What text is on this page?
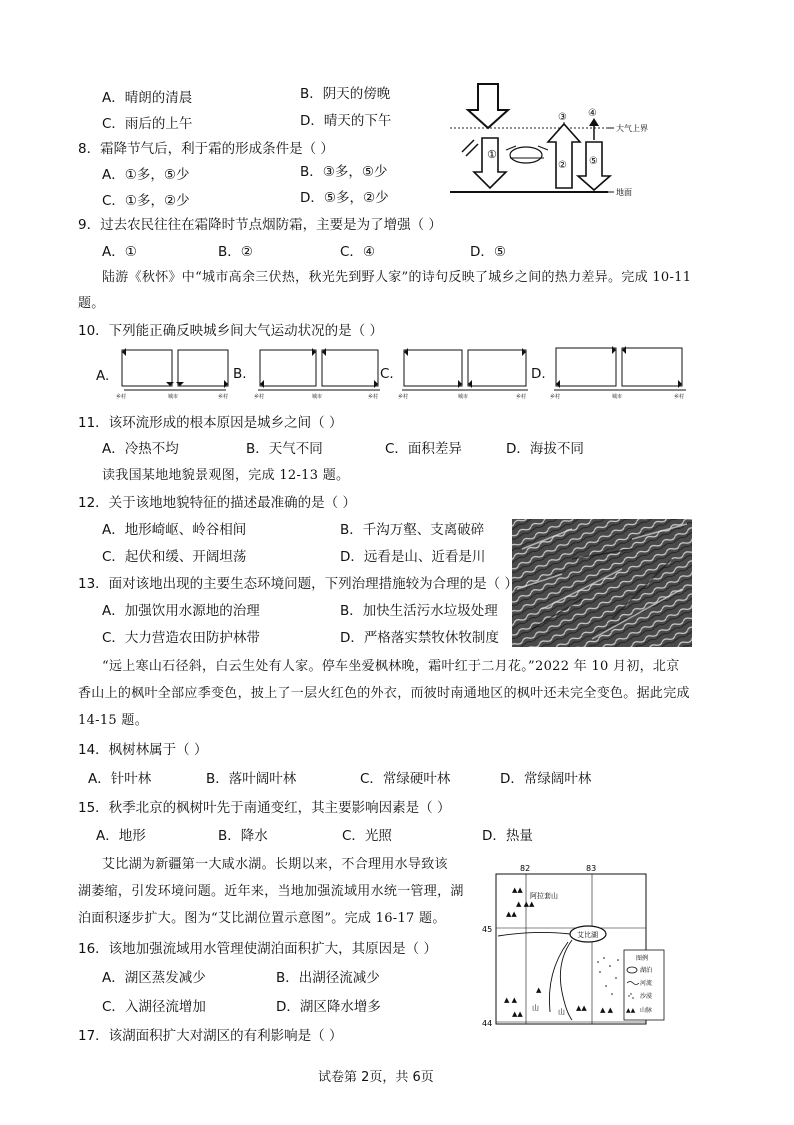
A．晴朗的清晨	B．阴天的傍晚
C．雨后的上午	D．晴天的下午
8．霜降节气后，利于霜的形成条件是（ ）
A．①多，⑤少	B．③多，⑤少
C．①多，②少	D．⑤多，②少
①
②
③ ④
⑤
大气上界
地面
9．过去农民往往在霜降时节点烟防霜，主要是为了增强（ ）
A．①	B．②	C．④	D．⑤
陆游《秋怀》中“城市高余三伏热，秋光先到野人家”的诗句反映了城乡之间的热力差异。完成 10-11
题。
10．下列能正确反映城乡间大气运动状况的是（ ）
A.	B.	C.	D.
乡村	城市	乡村	乡村	城市	乡村	乡村	城市	乡村	乡村	城市	乡村
11．该环流形成的根本原因是城乡之间（ ）
A．冷热不均	B．天气不同	C．面积差异	D．海拔不同
读我国某地地貌景观图，完成 12-13 题。
12．关于该地地貌特征的描述最准确的是（ ）
A．地形崎岖、岭谷相间	B．千沟万壑、支离破碎
C．起伏和缓、开阔坦荡	D．远看是山、近看是川
13．面对该地出现的主要生态环境问题，下列治理措施较为合理的是（ ）
A．加强饮用水源地的治理	B．加快生活污水垃圾处理
C．大力营造农田防护林带	D．严格落实禁牧休牧制度
“远上寒山石径斜，白云生处有人家。停车坐爱枫林晚，霜叶红于二月花。”2022 年 10 月初，北京
香山上的枫叶全部应季变色，披上了一层火红色的外衣，而彼时南通地区的枫叶还未完全变色。据此完成
14-15 题。
14．枫树林属于（ ）
A．针叶林	B．落叶阔叶林	C．常绿硬叶林	D．常绿阔叶林
15．秋季北京的枫树叶先于南通变红，其主要影响因素是（ ）
A．地形	B．降水	C．光照	D．热量
艾比湖为新疆第一大咸水湖。长期以来，不合理用水导致该
湖萎缩，引发环境问题。近年来，当地加强流域用水统一管理，湖
泊面积逐步扩大。图为“艾比湖位置示意图”。完成 16-17 题。
82	83
45
44
阿拉套山
▲▲
▲ ▲▲
▲▲
艾比湖
山	山
▲ ▲
▲▲
▲▲
▲
▲ ▲
图例
湖泊
河流
沙漠
▲▲ 山脉
16．该地加强流域用水管理使湖泊面积扩大，其原因是（ ）
A．湖区蒸发减少	B．出湖径流减少
C．入湖径流增加	D．湖区降水增多
17．该湖面积扩大对湖区的有利影响是（ ）
试卷第 2页，共 6页
